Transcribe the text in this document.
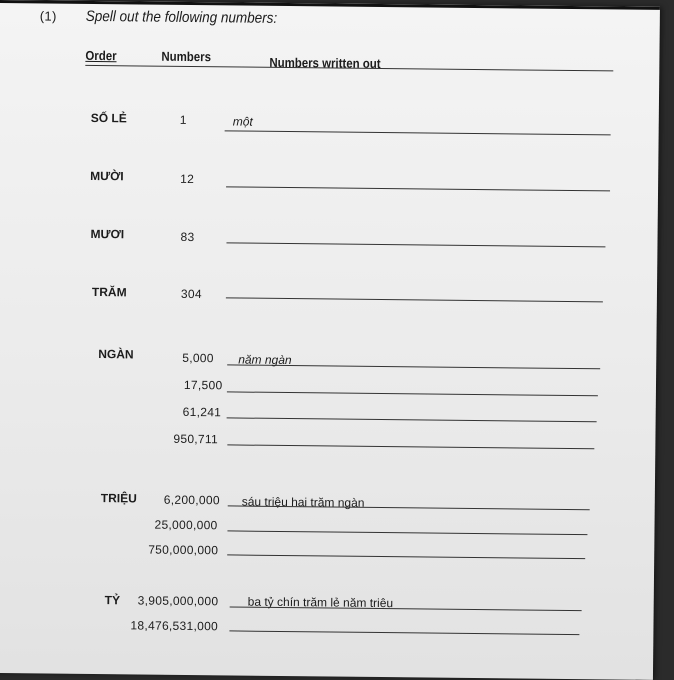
(1) Spell out the following numbers:
Order	Numbers	Numbers written out
SỐ LẺ	1	một
MƯỜI	12
MƯƠI	83
TRĂM	304
NGÀN	5,000 năm ngàn
17,500
61,241
950,711
TRIỆU 6,200,000 sáu triệu hai trăm ngàn
25,000,000
750,000,000
TỶ 3,905,000,000 ba tỷ chín trăm lẻ năm triệu
18,476,531,000
